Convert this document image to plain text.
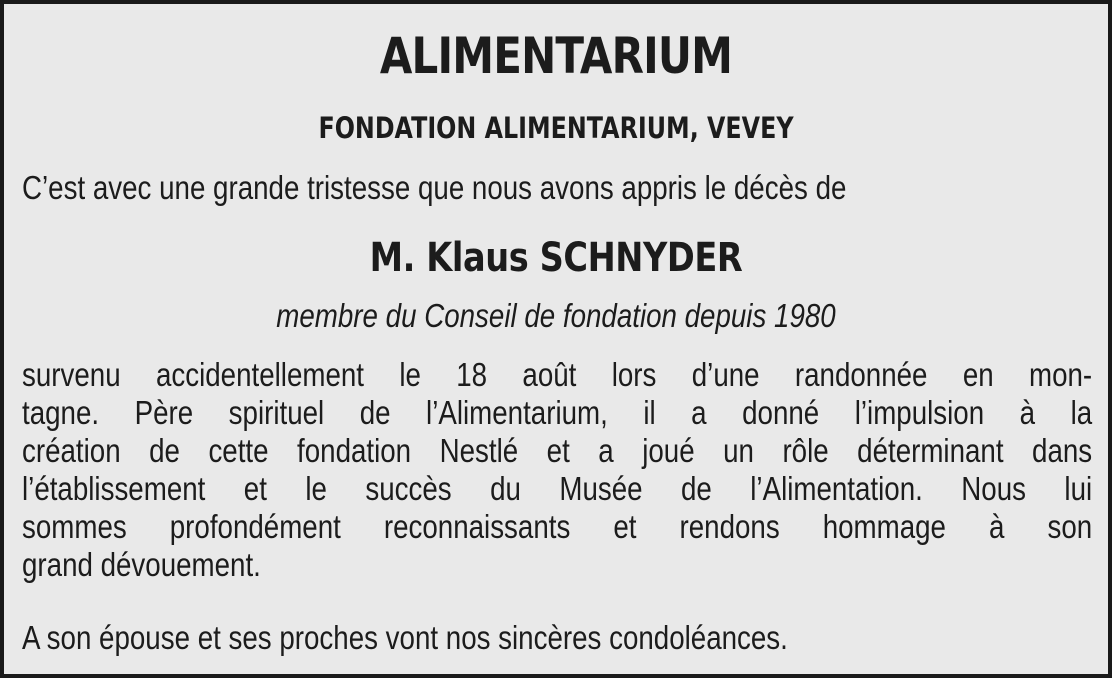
ALIMENTARIUM
FONDATION ALIMENTARIUM, VEVEY
C’est avec une grande tristesse que nous avons appris le décès de
M. Klaus SCHNYDER
membre du Conseil de fondation depuis 1980
survenu accidentellement le 18 août lors d’une randonnée en mon-
tagne. Père spirituel de l’Alimentarium, il a donné l’impulsion à la
création de cette fondation Nestlé et a joué un rôle déterminant dans
l’établissement et le succès du Musée de l’Alimentation. Nous lui
sommes profondément reconnaissants et rendons hommage à son
grand dévouement.
A son épouse et ses proches vont nos sincères condoléances.
